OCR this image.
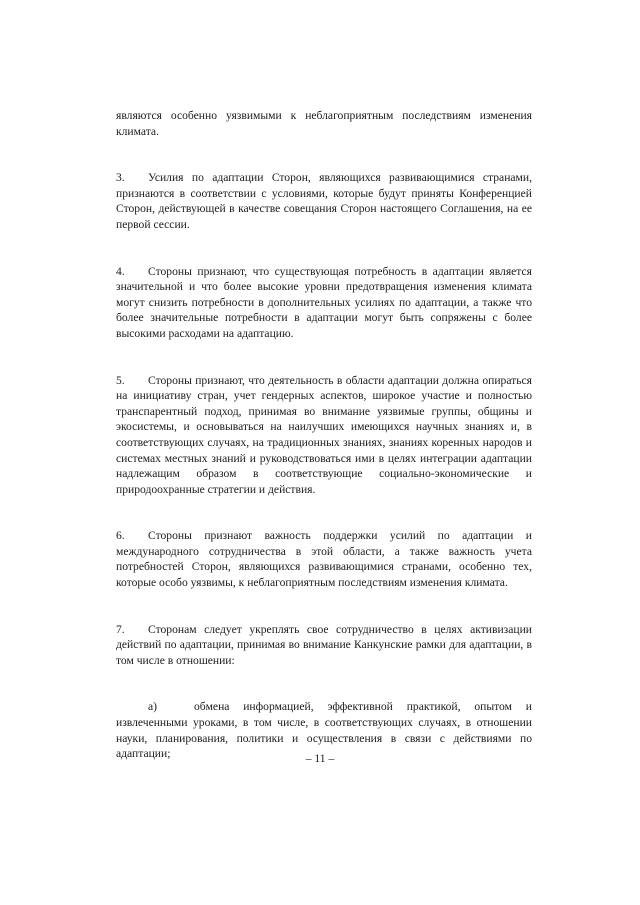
являются особенно уязвимыми к неблагоприятным последствиям изменения климата.

3. Усилия по адаптации Сторон, являющихся развивающимися странами, признаются в соответствии с условиями, которые будут приняты Конференцией Сторон, действующей в качестве совещания Сторон настоящего Соглашения, на ее первой сессии.

4. Стороны признают, что существующая потребность в адаптации является значительной и что более высокие уровни предотвращения изменения климата могут снизить потребности в дополнительных усилиях по адаптации, а также что более значительные потребности в адаптации могут быть сопряжены с более высокими расходами на адаптацию.

5. Стороны признают, что деятельность в области адаптации должна опираться на инициативу стран, учет гендерных аспектов, широкое участие и полностью транспарентный подход, принимая во внимание уязвимые группы, общины и экосистемы, и основываться на наилучших имеющихся научных знаниях и, в соответствующих случаях, на традиционных знаниях, знаниях коренных народов и системах местных знаний и руководствоваться ими в целях интеграции адаптации надлежащим образом в соответствующие социально-экономические и природоохранные стратегии и действия.

6. Стороны признают важность поддержки усилий по адаптации и международного сотрудничества в этой области, а также важность учета потребностей Сторон, являющихся развивающимися странами, особенно тех, которые особо уязвимы, к неблагоприятным последствиям изменения климата.

7. Сторонам следует укреплять свое сотрудничество в целях активизации действий по адаптации, принимая во внимание Канкунские рамки для адаптации, в том числе в отношении:

a)	обмена информацией, эффективной практикой, опытом и извлеченными уроками, в том числе, в соответствующих случаях, в отношении науки, планирования, политики и осуществления в связи с действиями по адаптации;	– 11 –
